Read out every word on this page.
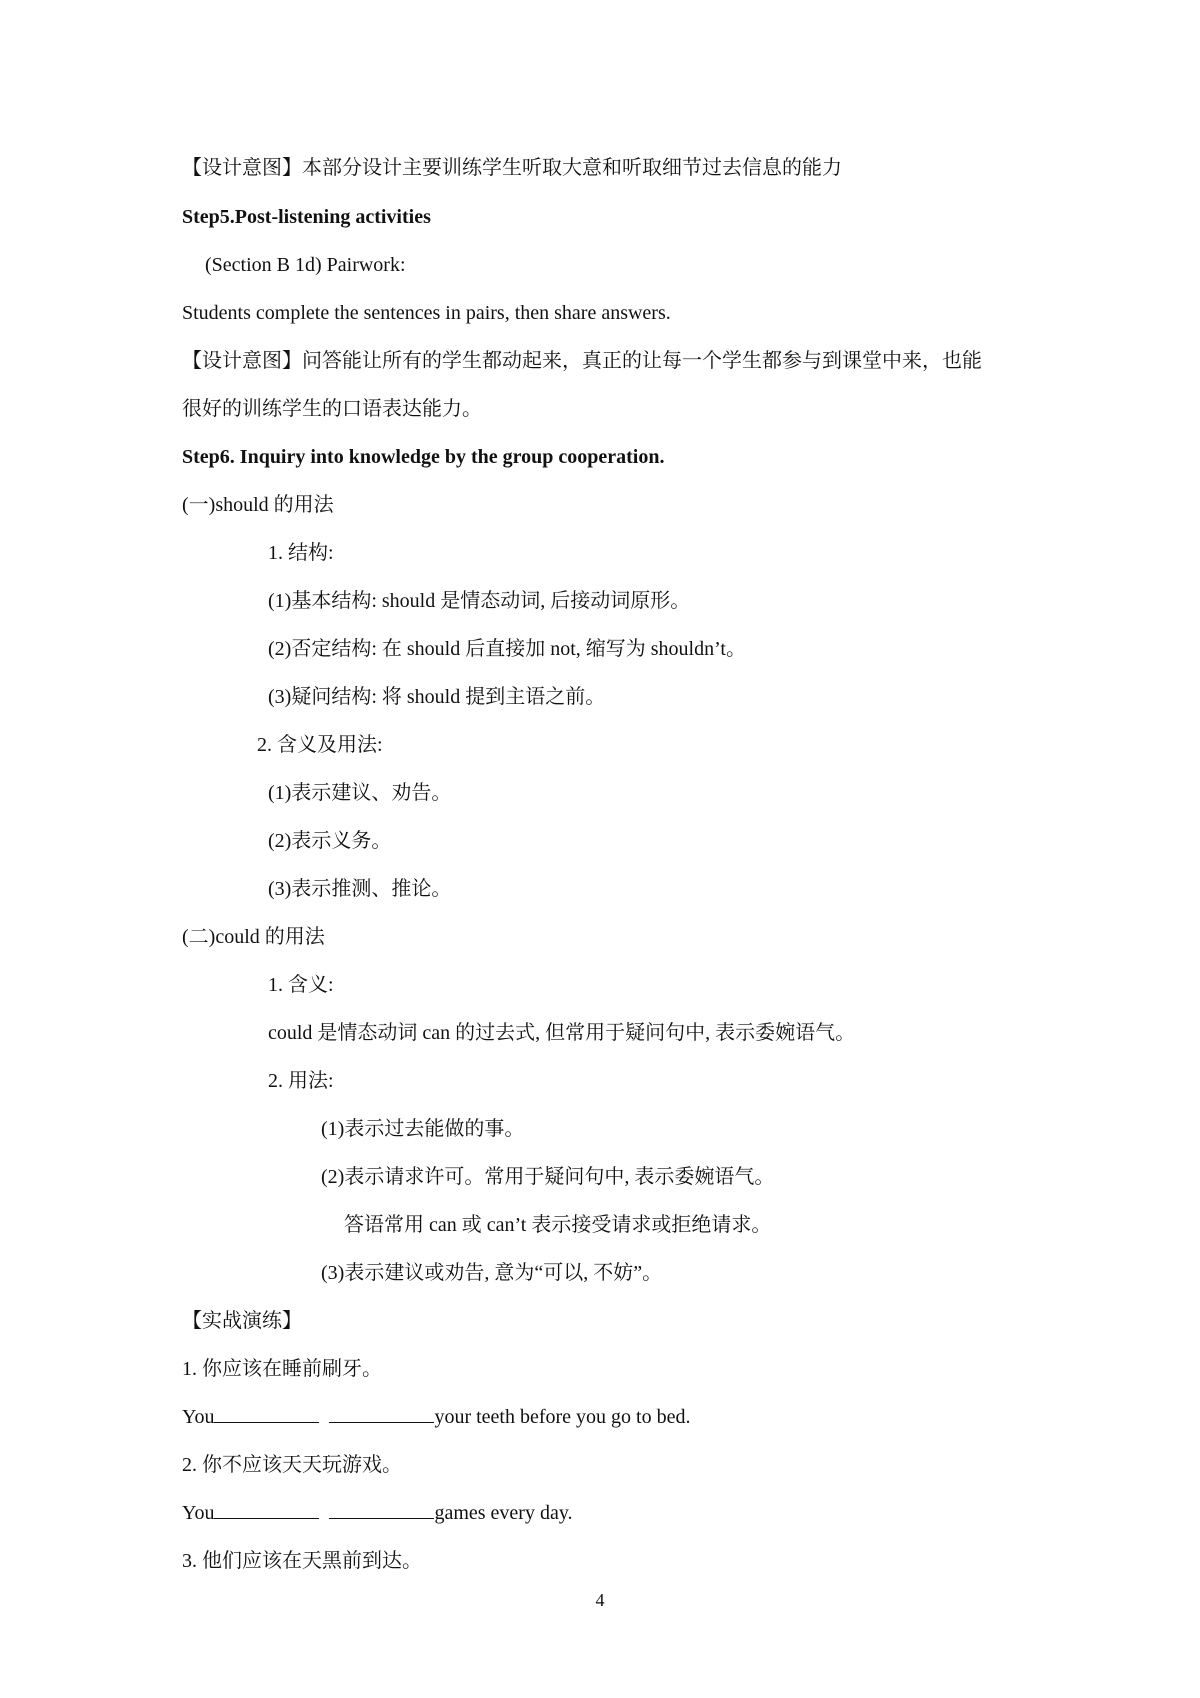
【设计意图】本部分设计主要训练学生听取大意和听取细节过去信息的能力
Step5.Post-listening activities
(Section B 1d) Pairwork:
Students complete the sentences in pairs, then share answers.
【设计意图】问答能让所有的学生都动起来，真正的让每一个学生都参与到课堂中来，也能
很好的训练学生的口语表达能力。
Step6. Inquiry into knowledge by the group cooperation.
(一)should 的用法
1. 结构:
(1)基本结构: should 是情态动词, 后接动词原形。
(2)否定结构: 在 should 后直接加 not, 缩写为 shouldn’t。
(3)疑问结构: 将 should 提到主语之前。
2. 含义及用法:
(1)表示建议、劝告。
(2)表示义务。
(3)表示推测、推论。
(二)could 的用法
1. 含义:
could 是情态动词 can 的过去式, 但常用于疑问句中, 表示委婉语气。
2. 用法:
(1)表示过去能做的事。
(2)表示请求许可。常用于疑问句中, 表示委婉语气。
答语常用 can 或 can’t 表示接受请求或拒绝请求。
(3)表示建议或劝告, 意为“可以, 不妨”。
【实战演练】
1. 你应该在睡前刷牙。
You	your teeth before you go to bed.
2. 你不应该天天玩游戏。
You	games every day.
3. 他们应该在天黑前到达。
4
